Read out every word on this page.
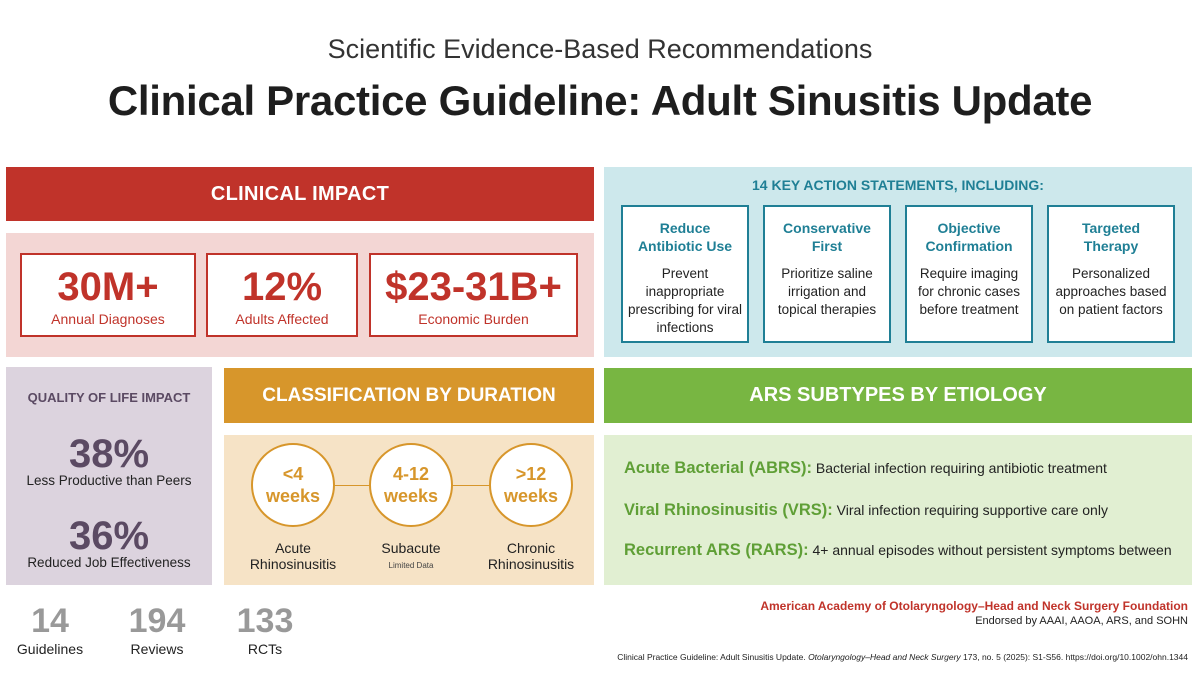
Scientific Evidence-Based Recommendations
Clinical Practice Guideline: Adult Sinusitis Update
CLINICAL IMPACT
30M+
Annual Diagnoses
12%
Adults Affected
$23-31B+
Economic Burden
14 KEY ACTION STATEMENTS, INCLUDING:
Reduce Antibiotic Use
Prevent inappropriate prescribing for viral infections
Conservative First
Prioritize saline irrigation and topical therapies
Objective Confirmation
Require imaging for chronic cases before treatment
Targeted Therapy
Personalized approaches based on patient factors
QUALITY OF LIFE IMPACT
38%
Less Productive than Peers
36%
Reduced Job Effectiveness
CLASSIFICATION BY DURATION
<4
weeks
4-12
weeks
>12
weeks
Acute
Rhinosinusitis
Subacute
Limited Data
Chronic
Rhinosinusitis
ARS SUBTYPES BY ETIOLOGY
Acute Bacterial (ABRS): Bacterial infection requiring antibiotic treatment
Viral Rhinosinusitis (VRS): Viral infection requiring supportive care only
Recurrent ARS (RARS): 4+ annual episodes without persistent symptoms between
14
Guidelines
194
Reviews
133
RCTs
American Academy of Otolaryngology–Head and Neck Surgery Foundation
Endorsed by AAAI, AAOA, ARS, and SOHN
Clinical Practice Guideline: Adult Sinusitis Update. Otolaryngology–Head and Neck Surgery 173, no. 5 (2025): S1-S56. https://doi.org/10.1002/ohn.1344
